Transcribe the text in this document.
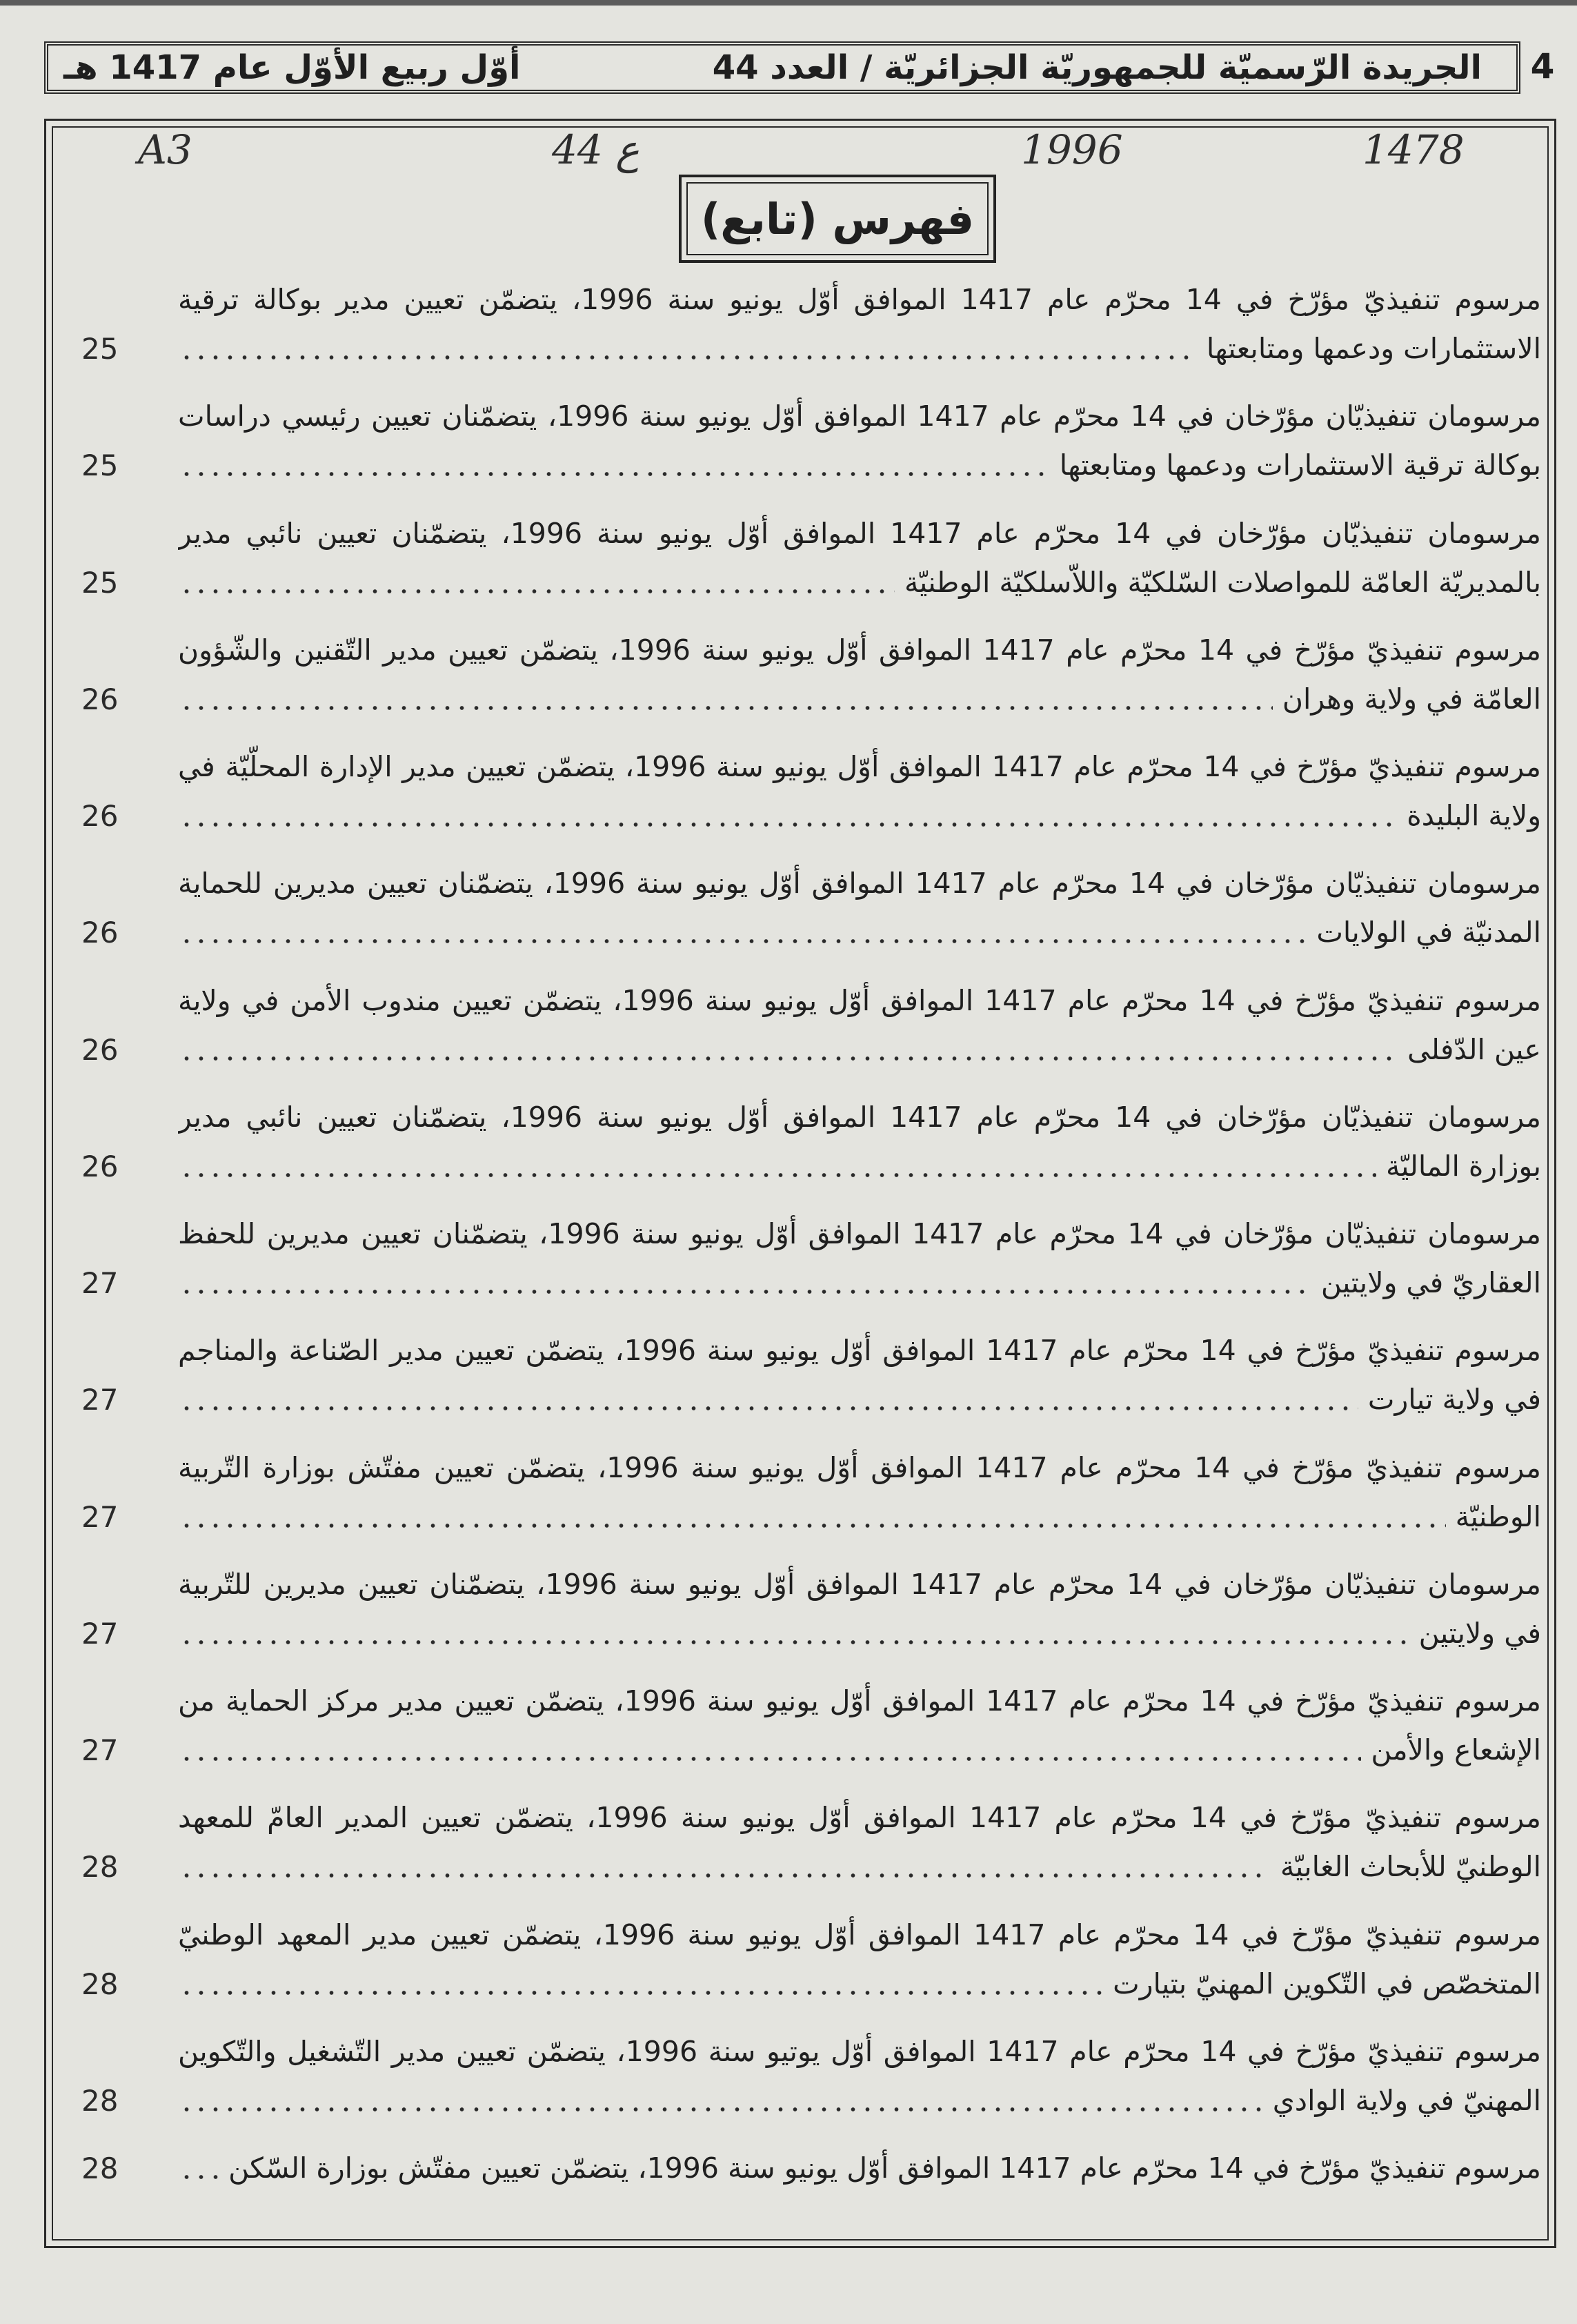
الجريدة الرّسميّة للجمهوريّة الجزائريّة / العدد 44
أوّل ربيع الأوّل عام 1417 هـ	4
1478
1996
44 ع
A3
فهرس (تابع)
مرسوم تنفيذيّ مؤرّخ في 14 محرّم عام 1417 الموافق أوّل يونيو سنة 1996، يتضمّن تعيين مدير بوكالة ترقية
الاستثمارات ودعمها ومتابعتها
25
مرسومان تنفيذيّان مؤرّخان في 14 محرّم عام 1417 الموافق أوّل يونيو سنة 1996، يتضمّنان تعيين رئيسي دراسات
بوكالة ترقية الاستثمارات ودعمها ومتابعتها
25
مرسومان تنفيذيّان مؤرّخان في 14 محرّم عام 1417 الموافق أوّل يونيو سنة 1996، يتضمّنان تعيين نائبي مدير
بالمديريّة العامّة للمواصلات السّلكيّة واللاّسلكيّة الوطنيّة
25
مرسوم تنفيذيّ مؤرّخ في 14 محرّم عام 1417 الموافق أوّل يونيو سنة 1996، يتضمّن تعيين مدير التّقنين والشّؤون
العامّة في ولاية وهران
26
مرسوم تنفيذيّ مؤرّخ في 14 محرّم عام 1417 الموافق أوّل يونيو سنة 1996، يتضمّن تعيين مدير الإدارة المحلّيّة في
ولاية البليدة
26
مرسومان تنفيذيّان مؤرّخان في 14 محرّم عام 1417 الموافق أوّل يونيو سنة 1996، يتضمّنان تعيين مديرين للحماية
المدنيّة في الولايات
26
مرسوم تنفيذيّ مؤرّخ في 14 محرّم عام 1417 الموافق أوّل يونيو سنة 1996، يتضمّن تعيين مندوب الأمن في ولاية
عين الدّفلى
26
مرسومان تنفيذيّان مؤرّخان في 14 محرّم عام 1417 الموافق أوّل يونيو سنة 1996، يتضمّنان تعيين نائبي مدير
بوزارة الماليّة
26
مرسومان تنفيذيّان مؤرّخان في 14 محرّم عام 1417 الموافق أوّل يونيو سنة 1996، يتضمّنان تعيين مديرين للحفظ
العقاريّ في ولايتين
27
مرسوم تنفيذيّ مؤرّخ في 14 محرّم عام 1417 الموافق أوّل يونيو سنة 1996، يتضمّن تعيين مدير الصّناعة والمناجم
في ولاية تيارت
27
مرسوم تنفيذيّ مؤرّخ في 14 محرّم عام 1417 الموافق أوّل يونيو سنة 1996، يتضمّن تعيين مفتّش بوزارة التّربية
الوطنيّة
27
مرسومان تنفيذيّان مؤرّخان في 14 محرّم عام 1417 الموافق أوّل يونيو سنة 1996، يتضمّنان تعيين مديرين للتّربية
في ولايتين
27
مرسوم تنفيذيّ مؤرّخ في 14 محرّم عام 1417 الموافق أوّل يونيو سنة 1996، يتضمّن تعيين مدير مركز الحماية من
الإشعاع والأمن
27
مرسوم تنفيذيّ مؤرّخ في 14 محرّم عام 1417 الموافق أوّل يونيو سنة 1996، يتضمّن تعيين المدير العامّ للمعهد
الوطنيّ للأبحاث الغابيّة
28
مرسوم تنفيذيّ مؤرّخ في 14 محرّم عام 1417 الموافق أوّل يونيو سنة 1996، يتضمّن تعيين مدير المعهد الوطنيّ
المتخصّص في التّكوين المهنيّ بتيارت
28
مرسوم تنفيذيّ مؤرّخ في 14 محرّم عام 1417 الموافق أوّل يوتيو سنة 1996، يتضمّن تعيين مدير التّشغيل والتّكوين
المهنيّ في ولاية الوادي
28
مرسوم تنفيذيّ مؤرّخ في 14 محرّم عام 1417 الموافق أوّل يونيو سنة 1996، يتضمّن تعيين مفتّش بوزارة السّكن
28
